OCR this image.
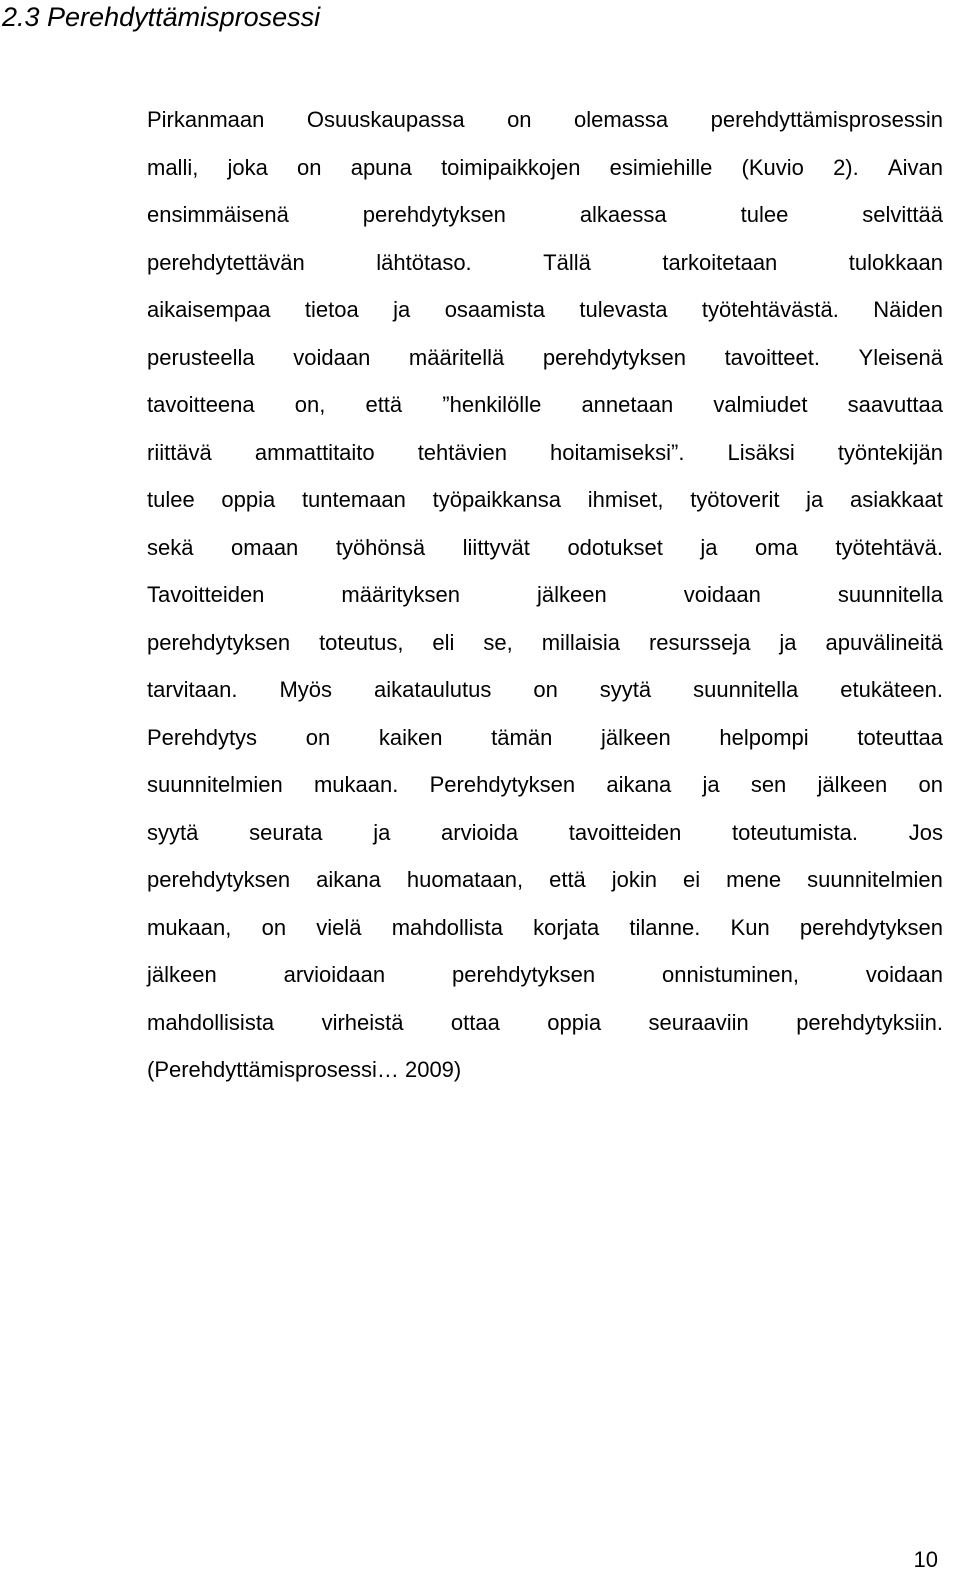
2.3 Perehdyttämisprosessi
Pirkanmaan Osuuskaupassa on olemassa perehdyttämisprosessin
malli, joka on apuna toimipaikkojen esimiehille (Kuvio 2). Aivan
ensimmäisenä	perehdytyksen	alkaessa	tulee	selvittää
perehdytettävän	lähtötaso.	Tällä	tarkoitetaan	tulokkaan
aikaisempaa tietoa ja osaamista tulevasta työtehtävästä. Näiden
perusteella voidaan määritellä perehdytyksen tavoitteet. Yleisenä
tavoitteena on, että ”henkilölle annetaan valmiudet saavuttaa
riittävä ammattitaito tehtävien hoitamiseksi”. Lisäksi työntekijän
tulee oppia tuntemaan työpaikkansa ihmiset, työtoverit ja asiakkaat
sekä omaan työhönsä liittyvät odotukset ja oma työtehtävä.
Tavoitteiden	määrityksen	jälkeen	voidaan	suunnitella
perehdytyksen toteutus, eli se, millaisia resursseja ja apuvälineitä
tarvitaan. Myös aikataulutus on syytä suunnitella etukäteen.
Perehdytys on kaiken tämän jälkeen helpompi toteuttaa
suunnitelmien mukaan. Perehdytyksen aikana ja sen jälkeen on
syytä seurata ja arvioida tavoitteiden toteutumista. Jos
perehdytyksen aikana huomataan, että jokin ei mene suunnitelmien
mukaan, on vielä mahdollista korjata tilanne. Kun perehdytyksen
jälkeen	arvioidaan	perehdytyksen	onnistuminen,	voidaan
mahdollisista virheistä ottaa oppia seuraaviin perehdytyksiin.
(Perehdyttämisprosessi… 2009)
10
